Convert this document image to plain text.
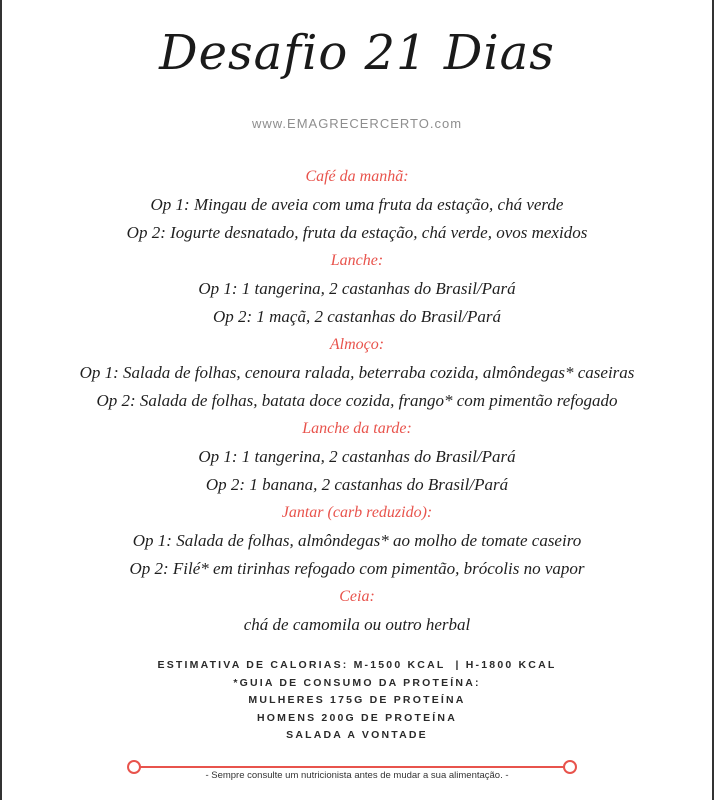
Desafio 21 Dias
www.EMAGRECERCERTO.com
Café da manhã:
Op 1: Mingau de aveia com uma fruta da estação, chá verde
Op 2: Iogurte desnatado, fruta da estação, chá verde, ovos mexidos
Lanche:
Op 1: 1 tangerina, 2 castanhas do Brasil/Pará
Op 2: 1 maçã, 2 castanhas do Brasil/Pará
Almoço:
Op 1: Salada de folhas, cenoura ralada, beterraba cozida, almôndegas* caseiras
Op 2: Salada de folhas, batata doce cozida, frango* com pimentão refogado
Lanche da tarde:
Op 1: 1 tangerina, 2 castanhas do Brasil/Pará
Op 2: 1 banana, 2 castanhas do Brasil/Pará
Jantar (carb reduzido):
Op 1: Salada de folhas, almôndegas* ao molho de tomate caseiro
Op 2: Filé* em tirinhas refogado com pimentão, brócolis no vapor
Ceia:
chá de camomila ou outro herbal
ESTIMATIVA DE CALORIAS: M-1500 KCAL  | H-1800 KCAL
*GUIA DE CONSUMO DA PROTEÍNA:
MULHERES 175G DE PROTEÍNA
HOMENS 200G DE PROTEÍNA
SALADA A VONTADE
- Sempre consulte um nutricionista antes de mudar a sua alimentação. -
